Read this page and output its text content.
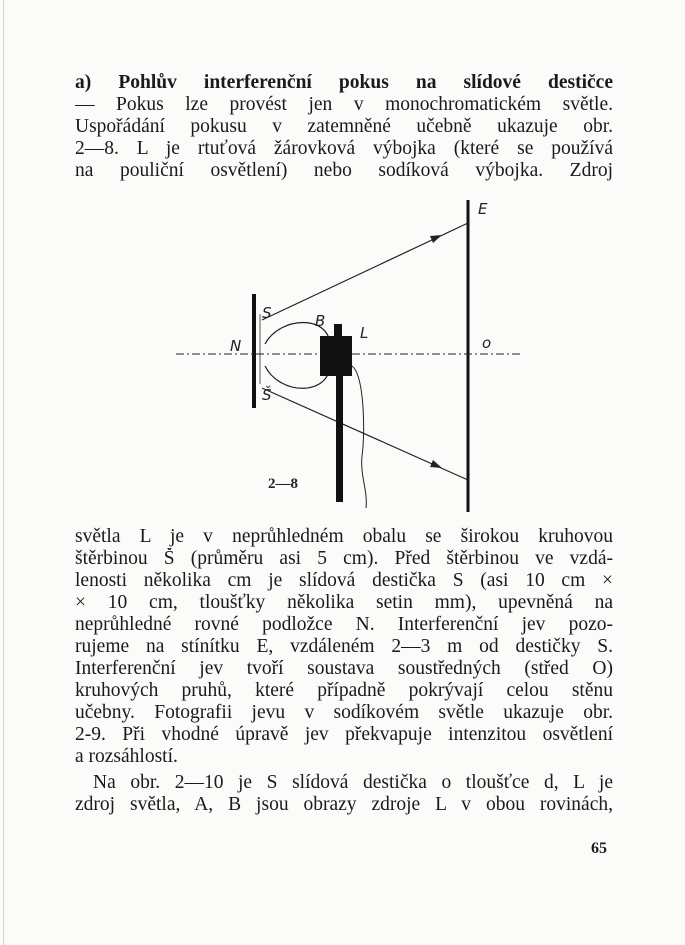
a) Pohlův interferenční pokus na slídové destičce
— Pokus lze provést jen v monochromatickém světle.
Uspořádání pokusu v zatemněné učebně ukazuje obr.
2—8. L je rtuťová žárovková výbojka (které se používá
na pouliční osvětlení) nebo sodíková výbojka. Zdroj
E
S	B
L
N	o
Š
2—8
světla L je v neprůhledném obalu se širokou kruhovou
štěrbinou Š (průměru asi 5 cm). Před štěrbinou ve vzdá-
lenosti několika cm je slídová destička S (asi 10 cm ×
× 10 cm, tloušťky několika setin mm), upevněná na
neprůhledné rovné podložce N. Interferenční jev pozo-
rujeme na stínítku E, vzdáleném 2—3 m od destičky S.
Interferenční jev tvoří soustava soustředných (střed O)
kruhových pruhů, které případně pokrývají celou stěnu
učebny. Fotografii jevu v sodíkovém světle ukazuje obr.
2-9. Při vhodné úpravě jev překvapuje intenzitou osvětlení
a rozsáhlostí.
Na obr. 2—10 je S slídová destička o tloušťce d, L je
zdroj světla, A, B jsou obrazy zdroje L v obou rovinách,
65
